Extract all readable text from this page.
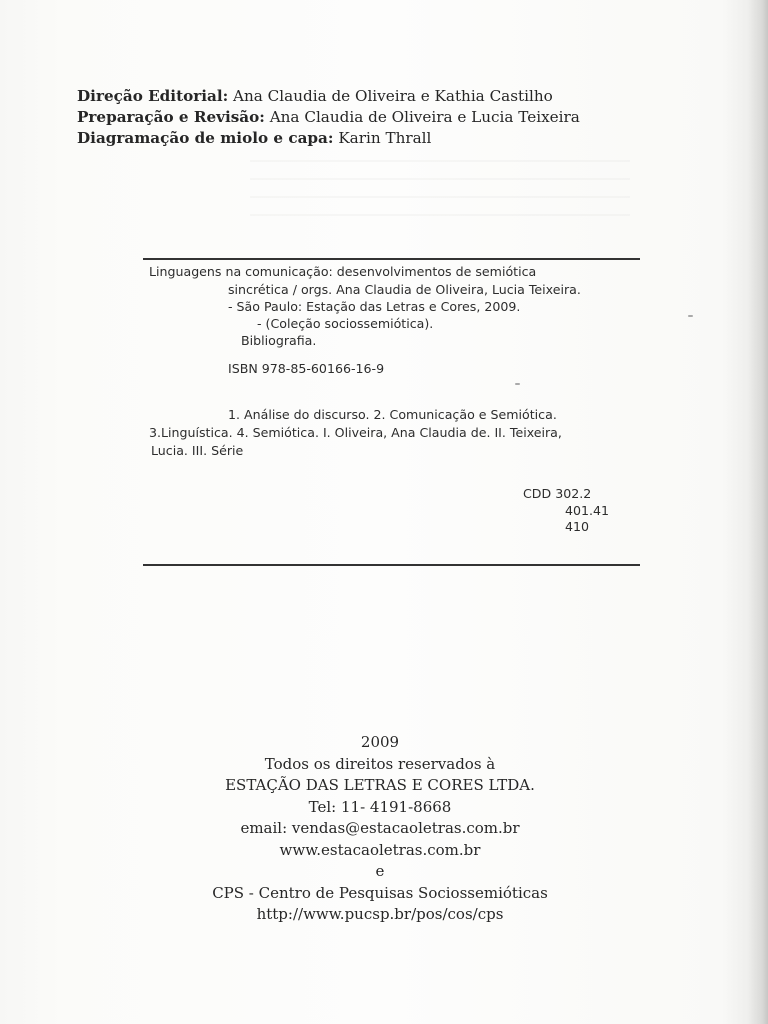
Direção Editorial: Ana Claudia de Oliveira e Kathia Castilho
Preparação e Revisão: Ana Claudia de Oliveira e Lucia Teixeira
Diagramação de miolo e capa: Karin Thrall
Linguagens na comunicação: desenvolvimentos de semiótica
sincrética / orgs. Ana Claudia de Oliveira, Lucia Teixeira.
- São Paulo: Estação das Letras e Cores, 2009.
- (Coleção sociossemiótica).
Bibliografia.
ISBN 978-85-60166-16-9
1. Análise do discurso. 2. Comunicação e Semiótica.
3.Linguística. 4. Semiótica. I. Oliveira, Ana Claudia de. II. Teixeira,
Lucia. III. Série
CDD 302.2
401.41
410
2009
Todos os direitos reservados à
ESTAÇÃO DAS LETRAS E CORES LTDA.
Tel: 11- 4191-8668
email: vendas@estacaoletras.com.br
www.estacaoletras.com.br
e
CPS - Centro de Pesquisas Sociossemióticas
http://www.pucsp.br/pos/cos/cps
